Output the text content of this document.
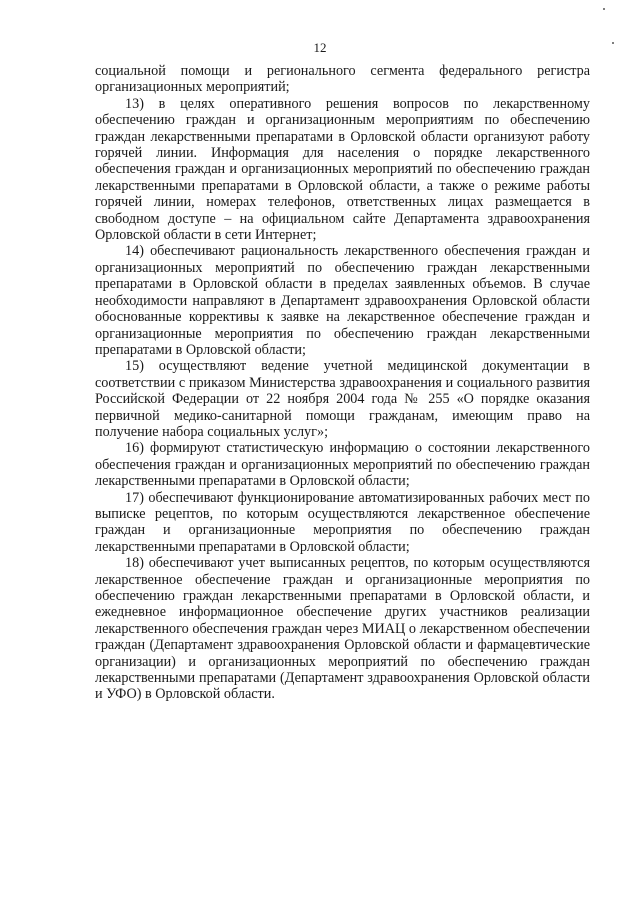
12

социальной помощи и регионального сегмента федерального регистра организационных мероприятий;

13) в целях оперативного решения вопросов по лекарственному обеспечению граждан и организационным мероприятиям по обеспечению граждан лекарственными препаратами в Орловской области организуют работу горячей линии. Информация для населения о порядке лекарственного обеспечения граждан и организационных мероприятий по обеспечению граждан лекарственными препаратами в Орловской области, а также о режиме работы горячей линии, номерах телефонов, ответственных лицах размещается в свободном доступе – на официальном сайте Департамента здравоохранения Орловской области в сети Интернет;

14) обеспечивают рациональность лекарственного обеспечения граждан и организационных мероприятий по обеспечению граждан лекарственными препаратами в Орловской области в пределах заявленных объемов. В случае необходимости направляют в Департамент здравоохранения Орловской области обоснованные коррективы к заявке на лекарственное обеспечение граждан и организационные мероприятия по обеспечению граждан лекарственными препаратами в Орловской области;

15) осуществляют ведение учетной медицинской документации в соответствии с приказом Министерства здравоохранения и социального развития Российской Федерации от 22 ноября 2004 года № 255 «О порядке оказания первичной медико-санитарной помощи гражданам, имеющим право на получение набора социальных услуг»;

16) формируют статистическую информацию о состоянии лекарственного обеспечения граждан и организационных мероприятий по обеспечению граждан лекарственными препаратами в Орловской области;

17) обеспечивают функционирование автоматизированных рабочих мест по выписке рецептов, по которым осуществляются лекарственное обеспечение граждан и организационные мероприятия по обеспечению граждан лекарственными препаратами в Орловской области;

18) обеспечивают учет выписанных рецептов, по которым осуществляются лекарственное обеспечение граждан и организационные мероприятия по обеспечению граждан лекарственными препаратами в Орловской области, и ежедневное информационное обеспечение других участников реализации лекарственного обеспечения граждан через МИАЦ о лекарственном обеспечении граждан (Департамент здравоохранения Орловской области и фармацевтические организации) и организационных мероприятий по обеспечению граждан лекарственными препаратами (Департамент здравоохранения Орловской области и УФО) в Орловской области.
